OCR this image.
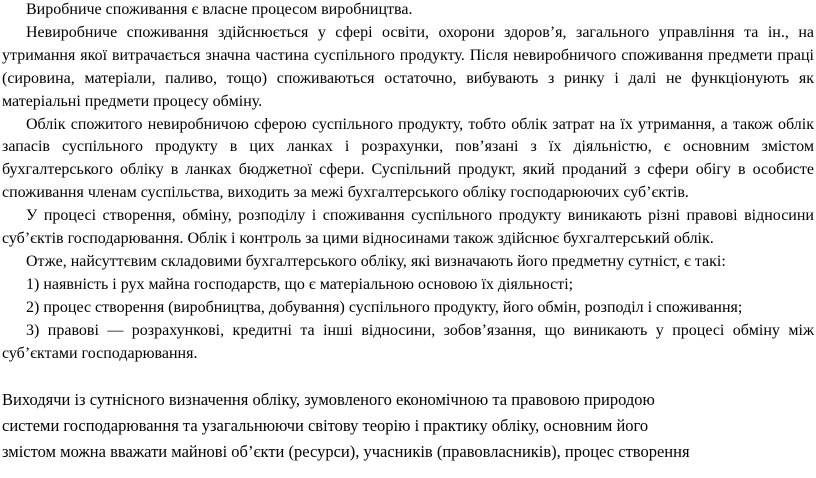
Виробниче споживання є власне процесом виробництва.

Невиробниче споживання здійснюється у сфері освіти, охорони здоров’я, загального управління та ін., на утримання якої витрачається значна частина суспільного продукту. Після невиробничого споживання предмети праці (сировина, матеріали, паливо, тощо) споживаються остаточно, вибувають з ринку і далі не функціонують як матеріальні предмети процесу обміну.

Облік спожитого невиробничою сферою суспільного продукту, тобто облік затрат на їх утримання, а також облік запасів суспільного продукту в цих ланках і розрахунки, пов’язані з їх діяльністю, є основним змістом бухгалтерського обліку в ланках бюджетної сфери. Суспільний продукт, який проданий з сфери обігу в особисте споживання членам суспільства, виходить за межі бухгалтерського обліку господарюючих суб’єктів.

У процесі створення, обміну, розподілу і споживання суспільного продукту виникають різні правові відносини суб’єктів господарювання. Облік і контроль за цими відносинами також здійснює бухгалтерський облік.

Отже, найсуттєвим складовими бухгалтерського обліку, які визначають його предметну сутніст, є такі:

1) наявність і рух майна господарств, що є матеріальною основою їх діяльності;

2) процес створення (виробництва, добування) суспільного продукту, його обмін, розподіл і споживання;

3) правові — розрахункові, кредитні та інші відносини, зобов’язання, що виникають у процесі обміну між суб’єктами господарювання.

Виходячи із сутнісного визначення обліку, зумовленого економічною та правовою природою

системи господарювання та узагальнюючи світову теорію і практику обліку, основним його

змістом можна вважати майнові об’єкти (ресурси), учасників (правовласників), процес створення
